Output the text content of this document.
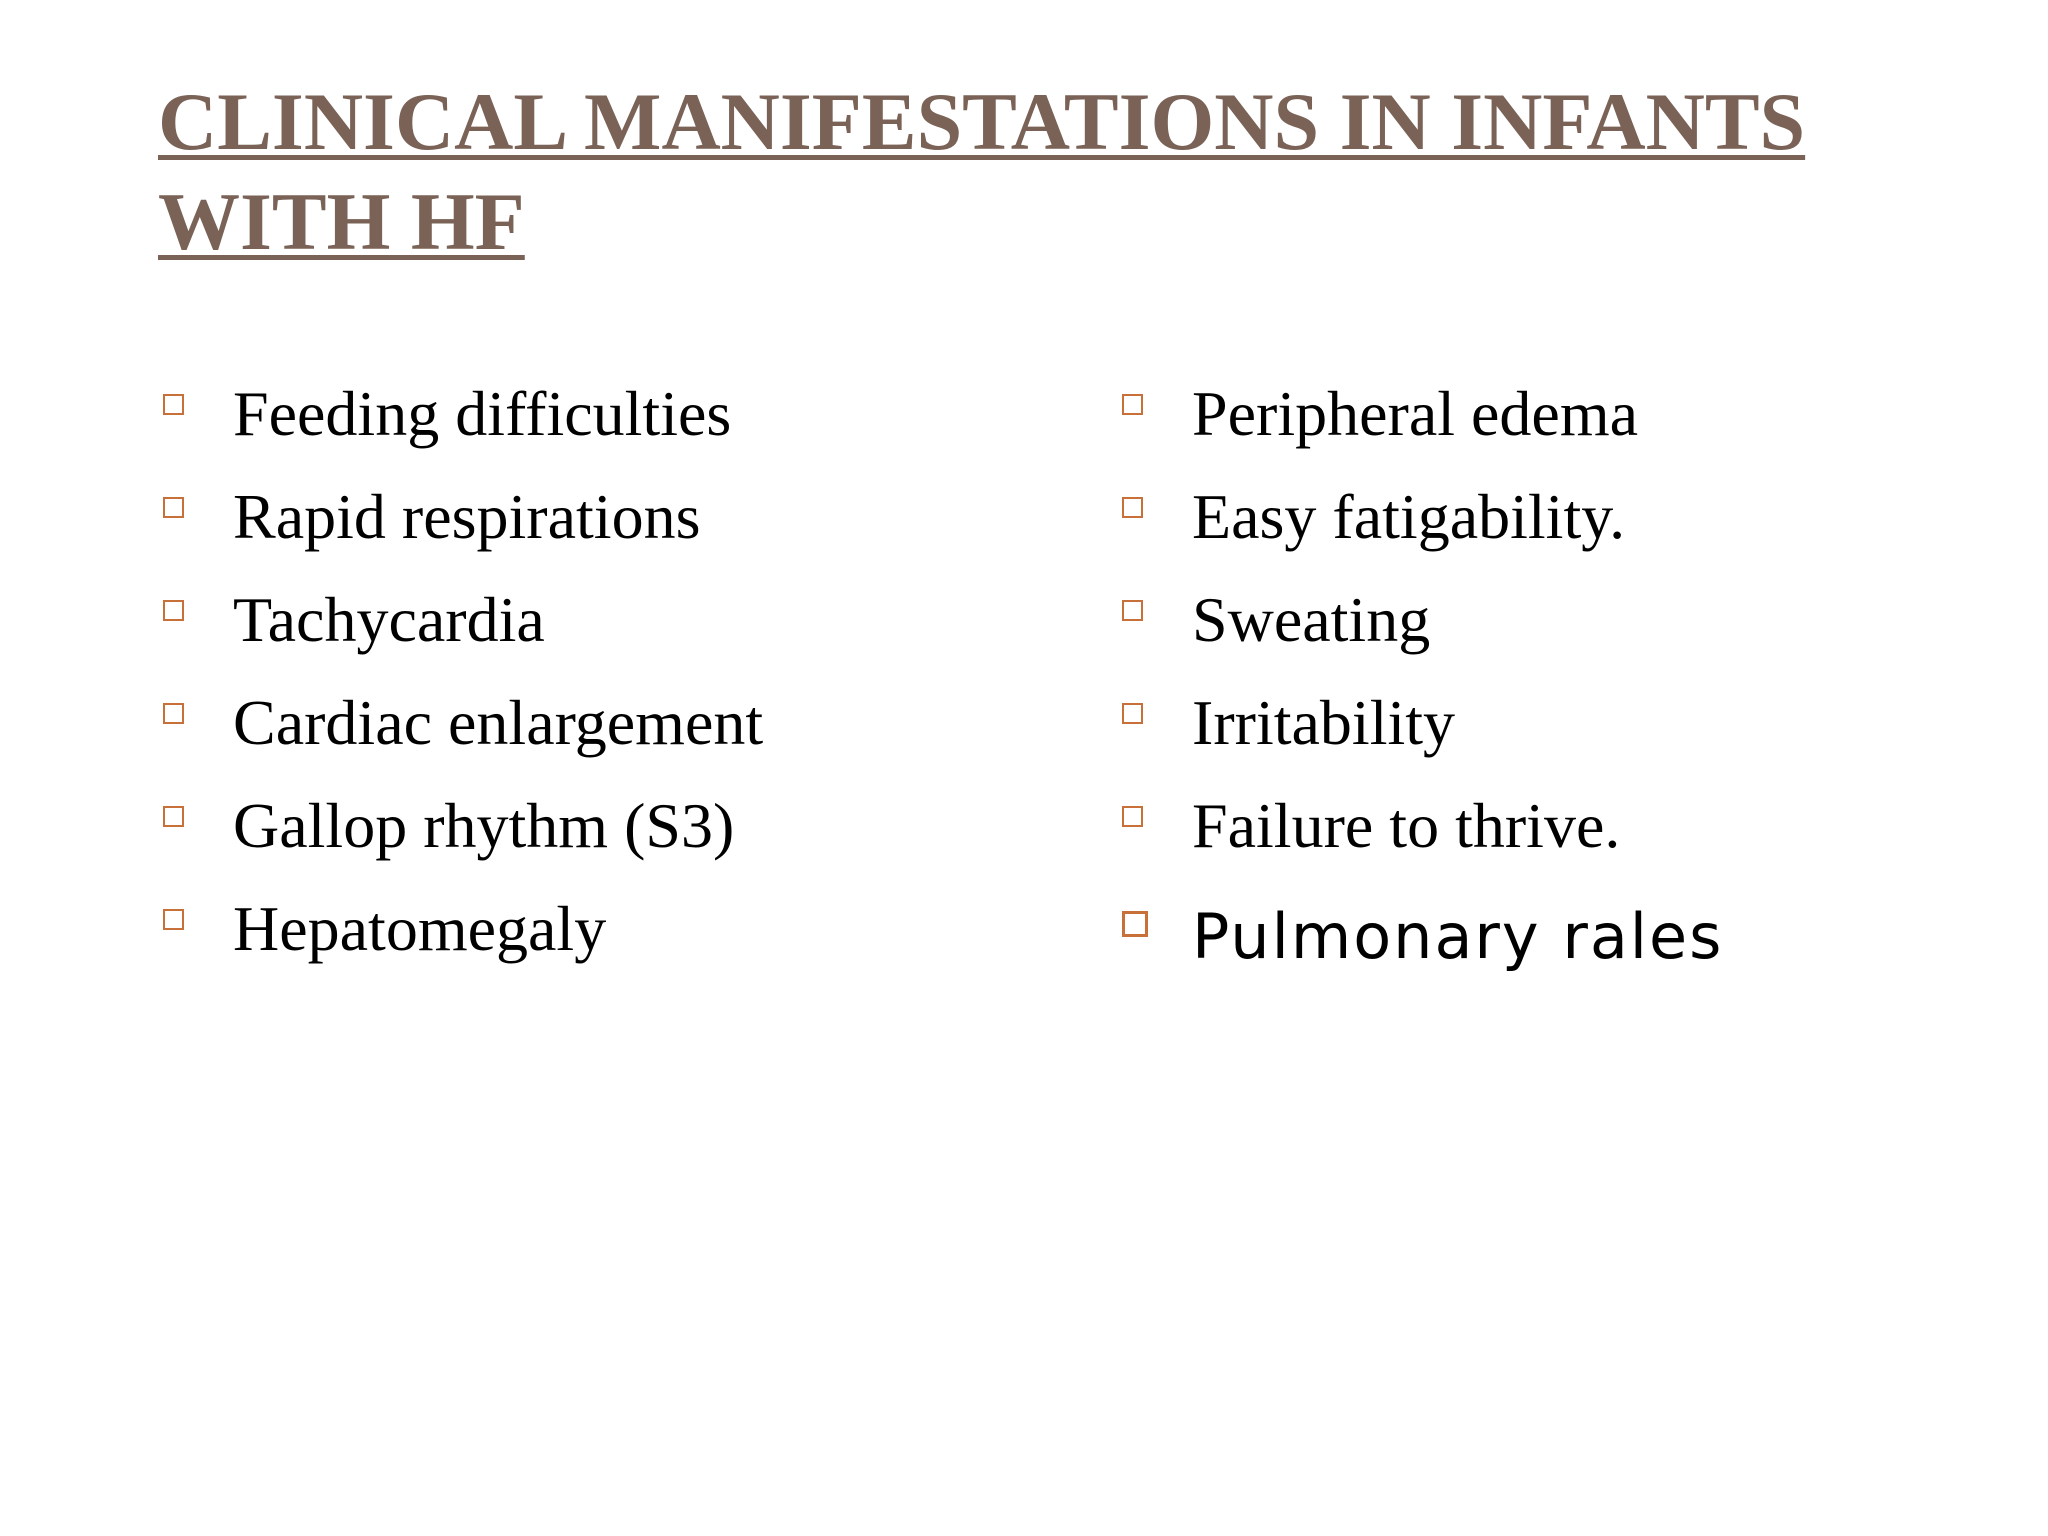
CLINICAL MANIFESTATIONS IN INFANTS WITH HF
Feeding difficulties
Rapid respirations
Tachycardia
Cardiac enlargement
Gallop rhythm (S3)
Hepatomegaly
Peripheral edema
Easy fatigability.
Sweating
Irritability
Failure to thrive.
Pulmonary rales
